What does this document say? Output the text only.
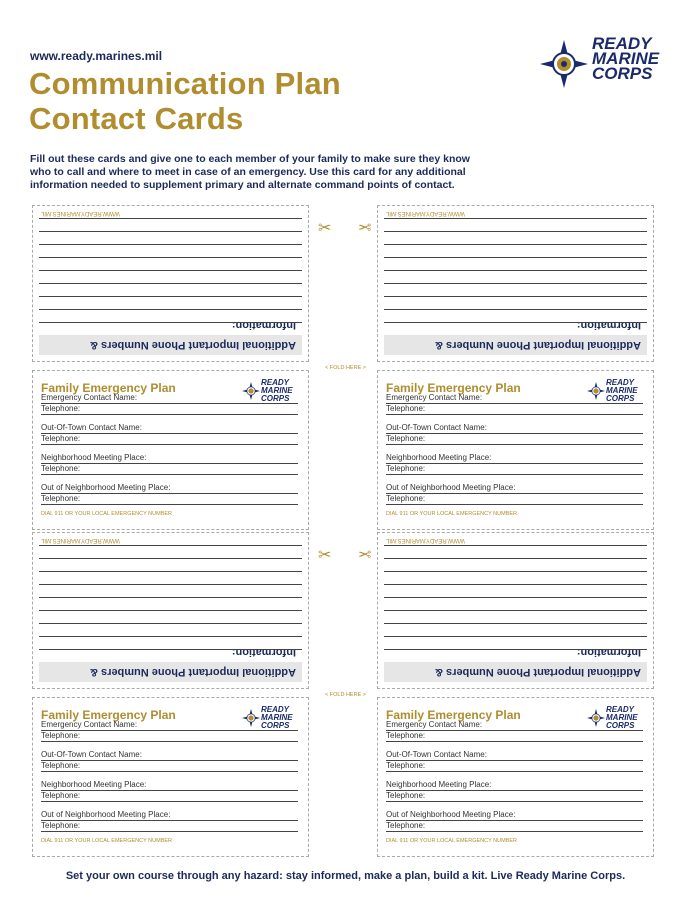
www.ready.marines.mil
Communication Plan
Contact Cards
READY
MARINE
CORPS
Fill out these cards and give one to each member of your family to make sure they know who to call and where to meet in case of an emergency. Use this card for any additional information needed to supplement primary and alternate command points of contact.
Additional Important Phone Numbers & Information:
WWW.READY.MARINES.MIL
Additional Important Phone Numbers & Information:
WWW.READY.MARINES.MIL
Family Emergency Plan	READY
MARINE
CORPS
Emergency Contact Name:
Telephone:
Out-Of-Town Contact Name:
Telephone:
Neighborhood Meeting Place:
Telephone:
Out of Neighborhood Meeting Place:
Telephone:
DIAL 911 OR YOUR LOCAL EMERGENCY NUMBER
Family Emergency Plan	READY
MARINE
CORPS
Emergency Contact Name:
Telephone:
Out-Of-Town Contact Name:
Telephone:
Neighborhood Meeting Place:
Telephone:
Out of Neighborhood Meeting Place:
Telephone:
DIAL 911 OR YOUR LOCAL EMERGENCY NUMBER
Additional Important Phone Numbers & Information:
WWW.READY.MARINES.MIL
Additional Important Phone Numbers & Information:
WWW.READY.MARINES.MIL
Family Emergency Plan	READY
MARINE
CORPS
Emergency Contact Name:
Telephone:
Out-Of-Town Contact Name:
Telephone:
Neighborhood Meeting Place:
Telephone:
Out of Neighborhood Meeting Place:
Telephone:
DIAL 911 OR YOUR LOCAL EMERGENCY NUMBER
Family Emergency Plan	READY
MARINE
CORPS
Emergency Contact Name:
Telephone:
Out-Of-Town Contact Name:
Telephone:
Neighborhood Meeting Place:
Telephone:
Out of Neighborhood Meeting Place:
Telephone:
DIAL 911 OR YOUR LOCAL EMERGENCY NUMBER
✂ ✂
✂ ✂
< FOLD HERE >
< FOLD HERE >
Set your own course through any hazard: stay informed, make a plan, build a kit. Live Ready Marine Corps.
